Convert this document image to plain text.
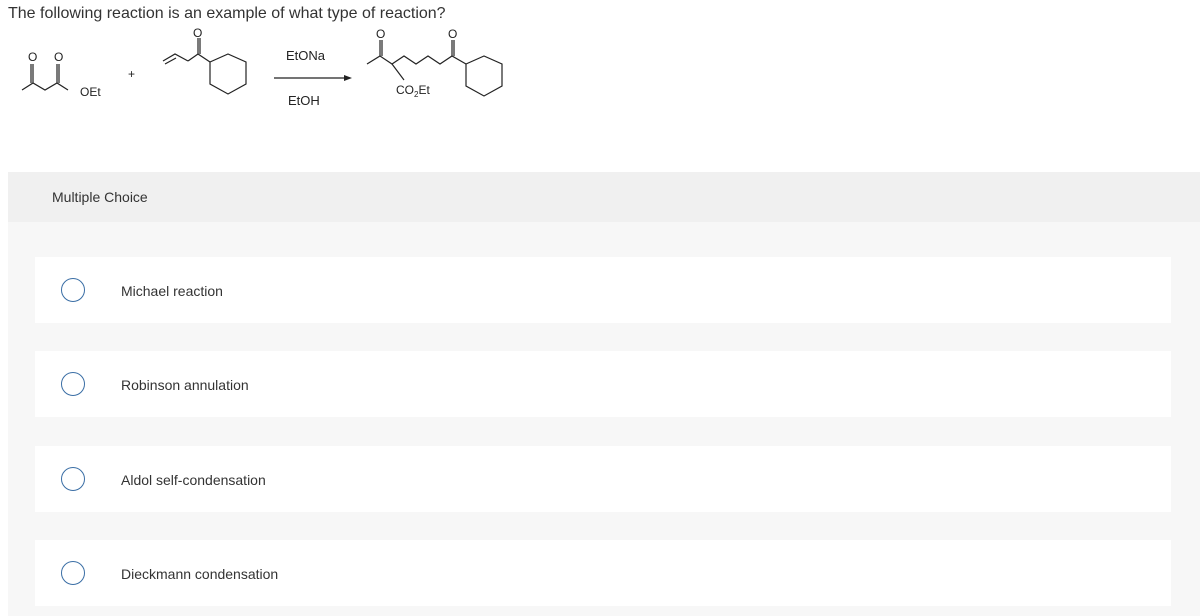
The following reaction is an example of what type of reaction?

O O
OEt
+
O
EtONa
EtOH
O	O
$CO_2Et$
Multiple Choice
Michael reaction
Robinson annulation
Aldol self-condensation
Dieckmann condensation
